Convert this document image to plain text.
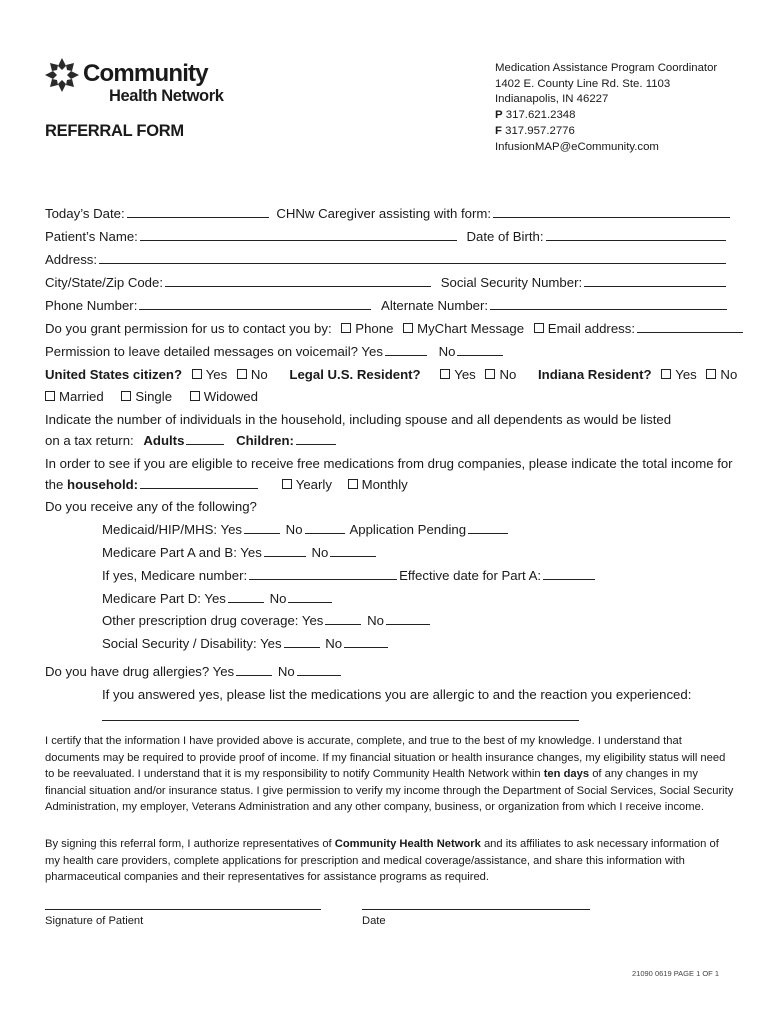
Community
Health Network
REFERRAL FORM
Medication Assistance Program Coordinator
1402 E. County Line Rd. Ste. 1103
Indianapolis, IN 46227
P 317.621.2348
F 317.957.2776
InfusionMAP@eCommunity.com
Today’s Date:	CHNw Caregiver assisting with form:
Patient’s Name:	Date of Birth:
Address:
City/State/Zip Code:	Social Security Number:
Phone Number:	Alternate Number:
Do you grant permission for us to contact you by: Phone MyChart Message Email address:
Permission to leave detailed messages on voicemail? Yes	No
United States citizen? Yes No Legal U.S. Resident?	Yes No Indiana Resident? Yes No
Married Single Widowed
Indicate the number of individuals in the household, including spouse and all dependents as would be listed
on a tax return: Adults	Children:
In order to see if you are eligible to receive free medications from drug companies, please indicate the total income for
the household:	Yearly Monthly
Do you receive any of the following?
Medicaid/HIP/MHS: Yes	No	Application Pending
Medicare Part A and B: Yes	No
If yes, Medicare number:	Effective date for Part A:
Medicare Part D: Yes	No
Other prescription drug coverage: Yes	No
Social Security / Disability: Yes	No
Do you have drug allergies? Yes	No
If you answered yes, please list the medications you are allergic to and the reaction you experienced:
I certify that the information I have provided above is accurate, complete, and true to the best of my knowledge. I understand that documents may be required to provide proof of income. If my financial situation or health insurance changes, my eligibility status will need to be reevaluated. I understand that it is my responsibility to notify Community Health Network within ten days of any changes in my financial situation and/or insurance status. I give permission to verify my income through the Department of Social Services, Social Security Administration, my employer, Veterans Administration and any other company, business, or organization from which I receive income.
By signing this referral form, I authorize representatives of Community Health Network and its affiliates to ask necessary information of my health care providers, complete applications for prescription and medical coverage/assistance, and share this information with pharmaceutical companies and their representatives for assistance programs as required.
Signature of Patient	Date
21090 0619 PAGE 1 OF 1
